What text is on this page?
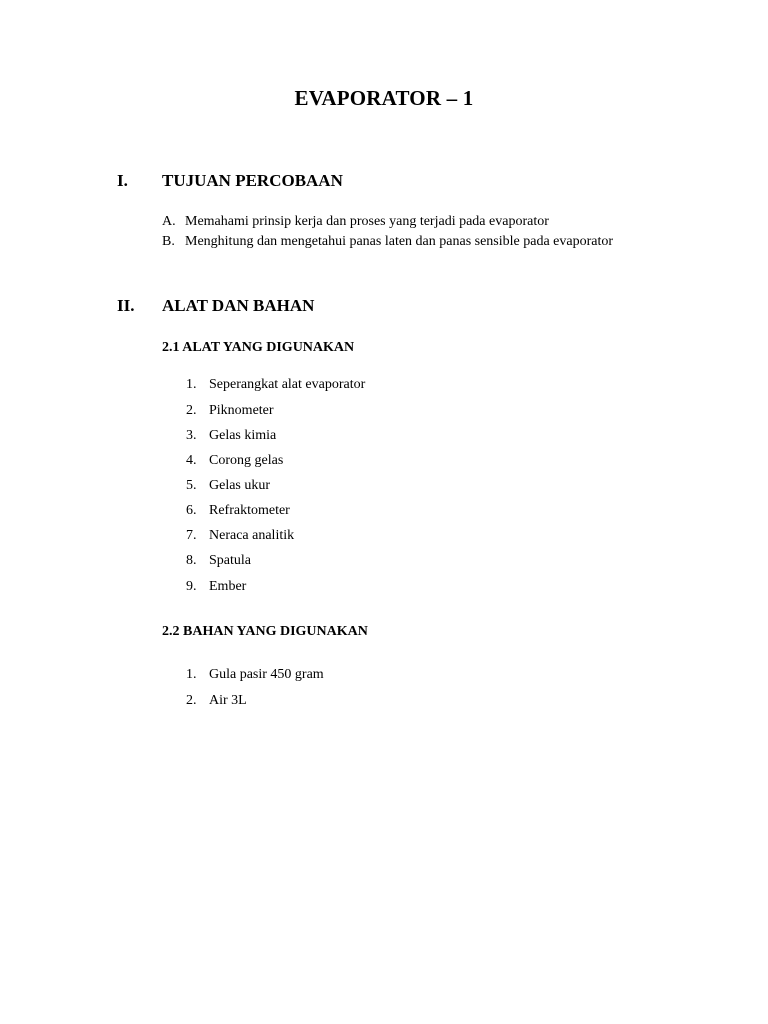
EVAPORATOR – 1
I. TUJUAN PERCOBAAN
A. Memahami prinsip kerja dan proses yang terjadi pada evaporator
B. Menghitung dan mengetahui panas laten dan panas sensible pada evaporator
II. ALAT DAN BAHAN
2.1 ALAT YANG DIGUNAKAN
1. Seperangkat alat evaporator
2. Piknometer
3. Gelas kimia
4. Corong gelas
5. Gelas ukur
6. Refraktometer
7. Neraca analitik
8. Spatula
9. Ember
2.2 BAHAN YANG DIGUNAKAN
1. Gula pasir 450 gram
2. Air 3L
